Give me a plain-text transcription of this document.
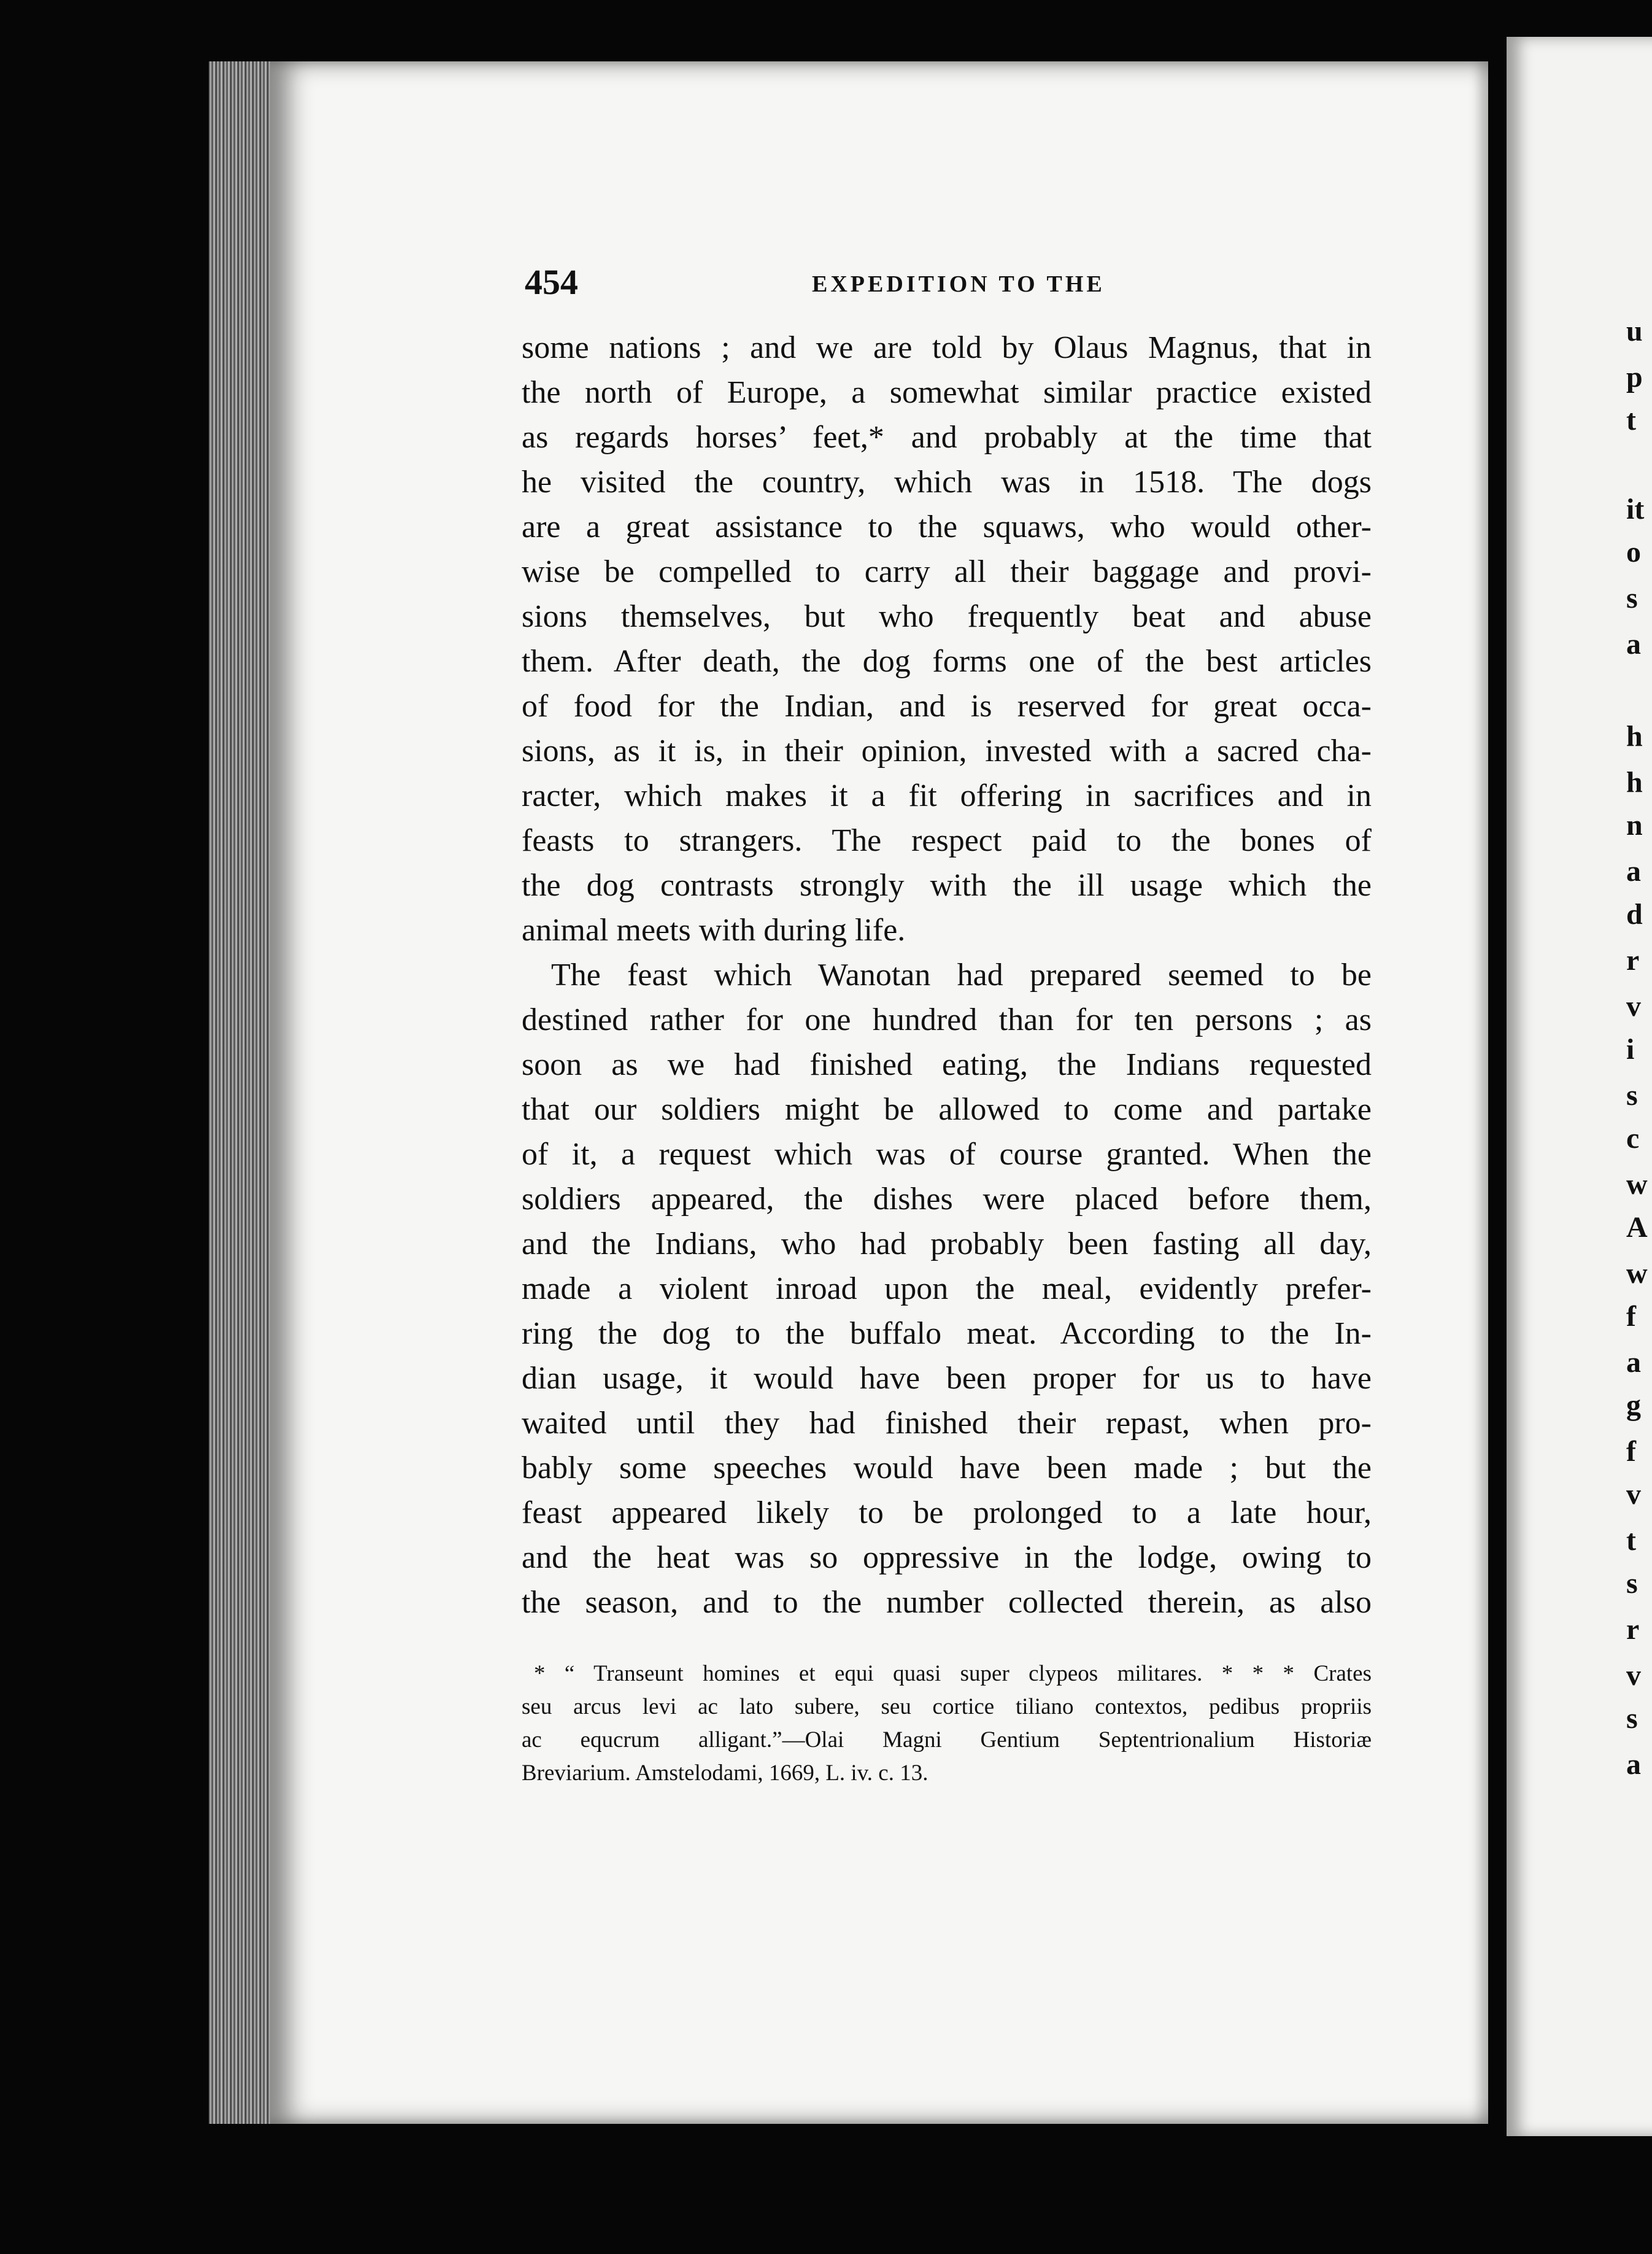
454	EXPEDITION TO THE
some nations ; and we are told by Olaus Magnus, that in
the north of Europe, a somewhat similar practice existed
as regards horses’ feet,* and probably at the time that
he visited the country, which was in 1518. The dogs
are a great assistance to the squaws, who would other-
wise be compelled to carry all their baggage and provi-
sions themselves, but who frequently beat and abuse
them. After death, the dog forms one of the best articles
of food for the Indian, and is reserved for great occa-
sions, as it is, in their opinion, invested with a sacred cha-
racter, which makes it a fit offering in sacrifices and in
feasts to strangers. The respect paid to the bones of
the dog contrasts strongly with the ill usage which the
animal meets with during life.
The feast which Wanotan had prepared seemed to be
destined rather for one hundred than for ten persons ; as
soon as we had finished eating, the Indians requested
that our soldiers might be allowed to come and partake
of it, a request which was of course granted. When the
soldiers appeared, the dishes were placed before them,
and the Indians, who had probably been fasting all day,
made a violent inroad upon the meal, evidently prefer-
ring the dog to the buffalo meat. According to the In-
dian usage, it would have been proper for us to have
waited until they had finished their repast, when pro-
bably some speeches would have been made ; but the
feast appeared likely to be prolonged to a late hour,
and the heat was so oppressive in the lodge, owing to
the season, and to the number collected therein, as also
* “ Transeunt homines et equi quasi super clypeos militares. * * * Crates
seu arcus levi ac lato subere, seu cortice tiliano contextos, pedibus propriis
ac equcrum alligant.”—Olai Magni Gentium Septentrionalium Historiæ
Breviarium. Amstelodami, 1669, L. iv. c. 13.
u
p
t
it
o
s
a
h
h
n
a
d
r
v
i
s
c
w
A
w
f
a
g
f
v
t
s
r
v
s
a
